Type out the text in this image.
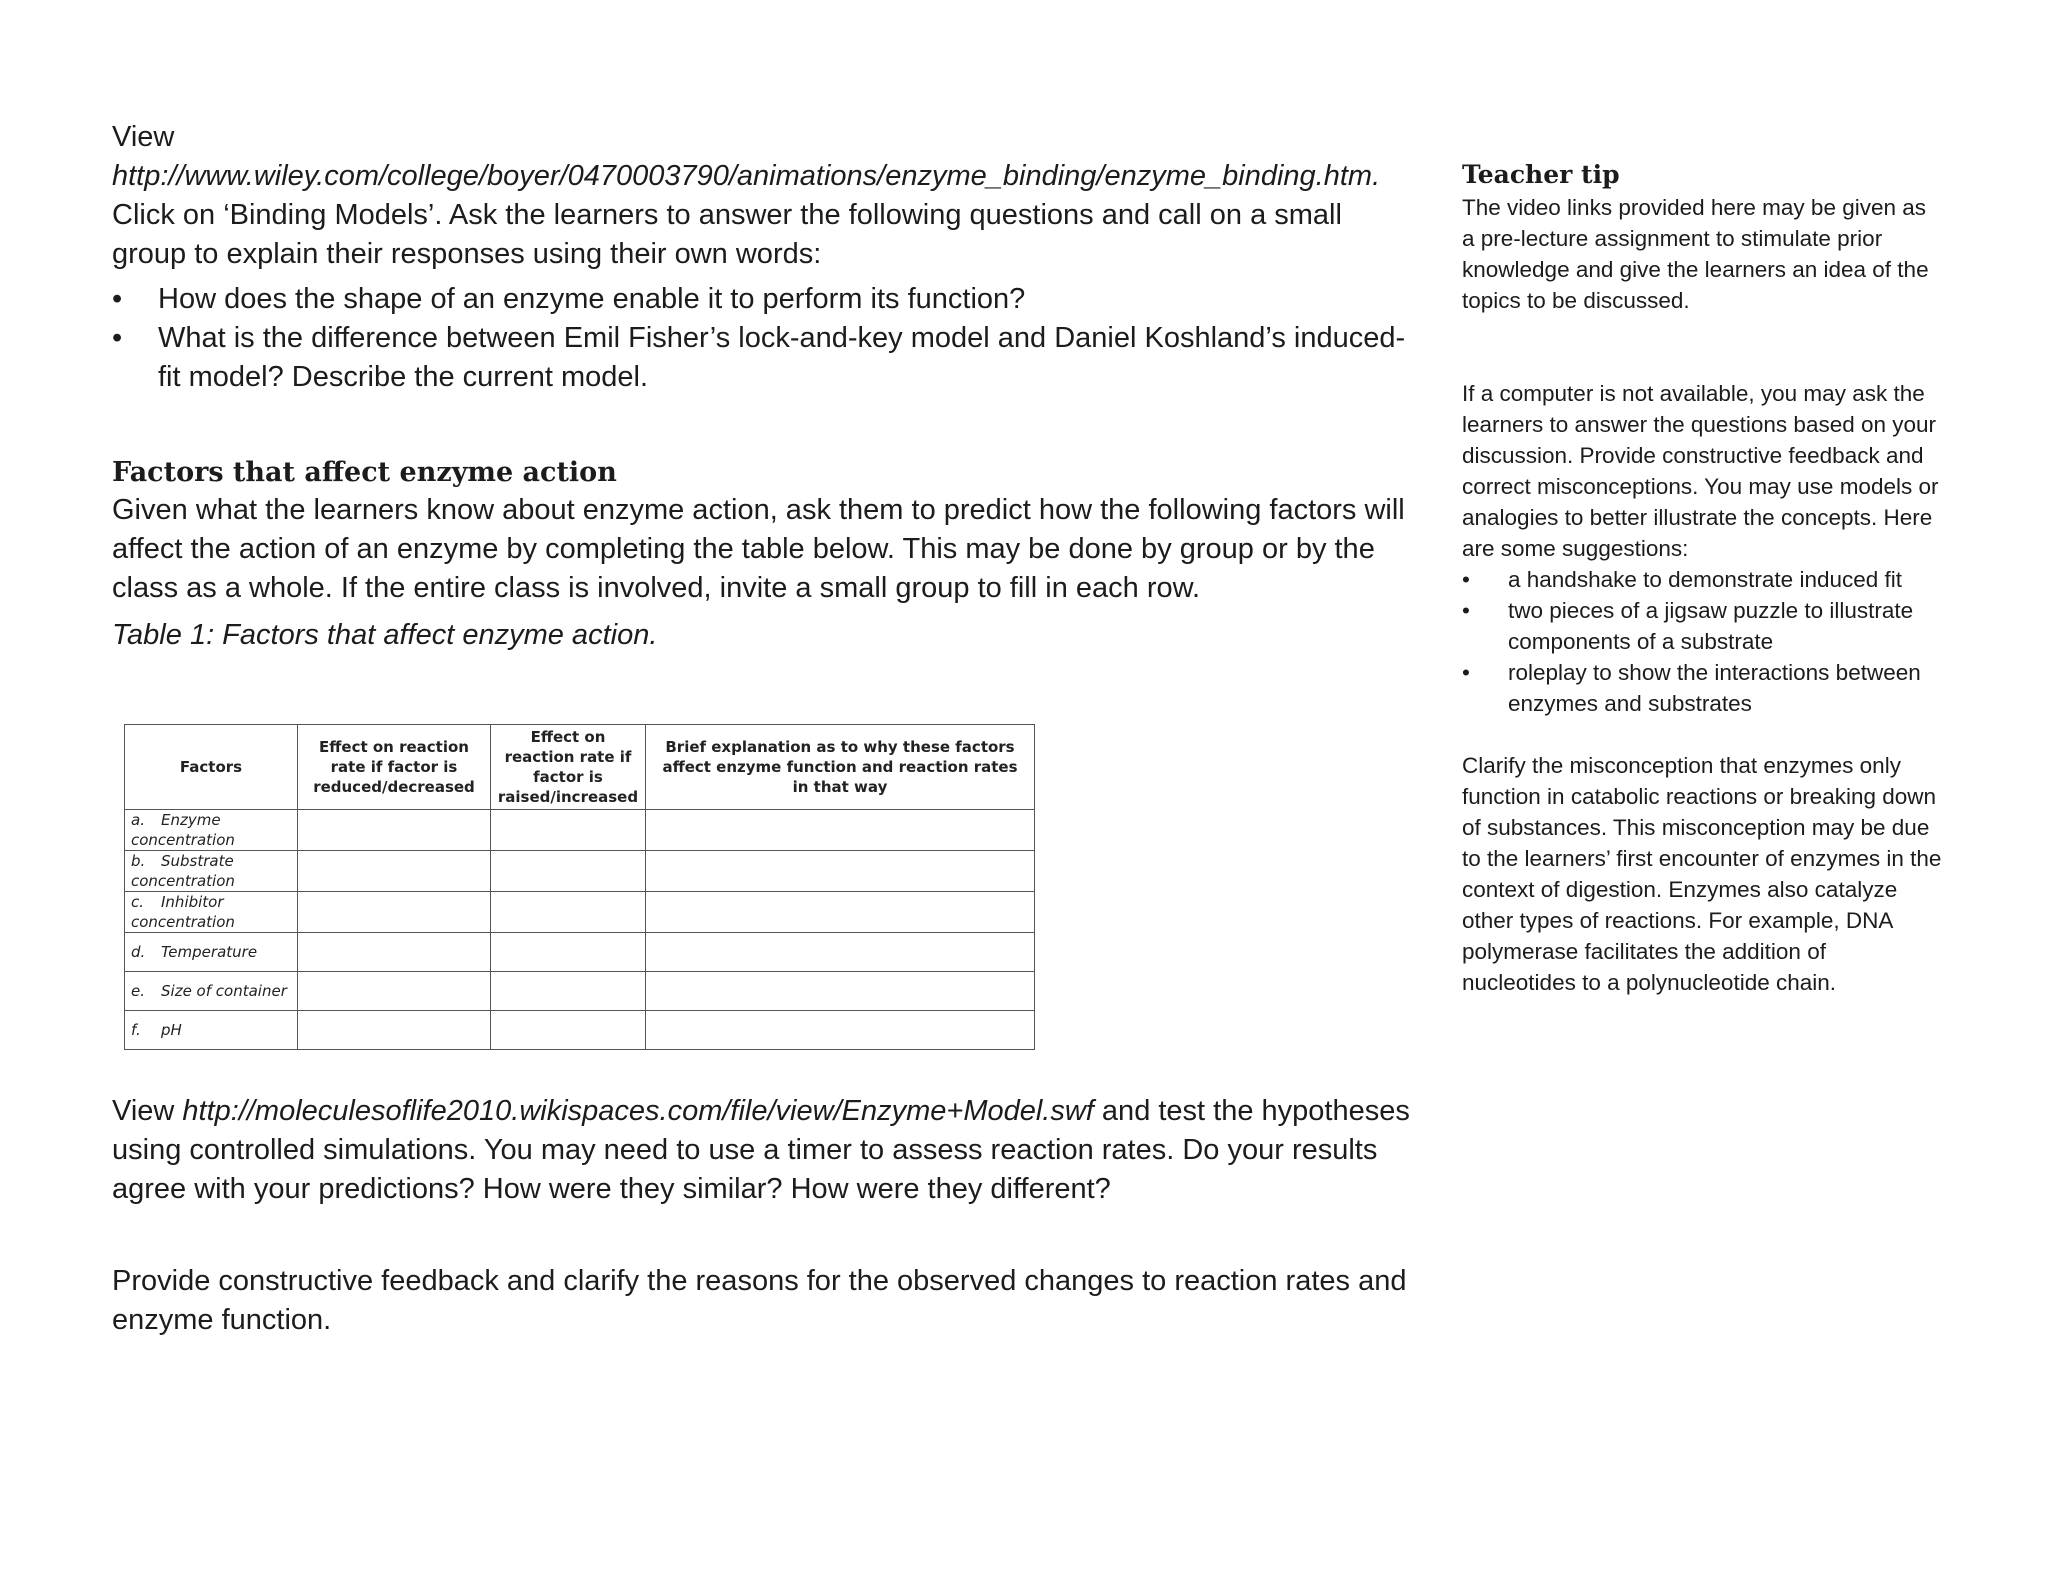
View http://www.wiley.com/college/boyer/0470003790/animations/enzyme_binding/enzyme_binding.htm. Click on ‘Binding Models’. Ask the learners to answer the following questions and call on a small group to explain their responses using their own words:

• How does the shape of an enzyme enable it to perform its function?
• What is the difference between Emil Fisher’s lock-and-key model and Daniel Koshland’s induced-fit model? Describe the current model.

Factors that affect enzyme action

Given what the learners know about enzyme action, ask them to predict how the following factors will affect the action of an enzyme by completing the table below. This may be done by group or by the class as a whole. If the entire class is involved, invite a small group to fill in each row.

Table 1: Factors that affect enzyme action.

Factors	Effect on reaction rate if factor is reduced/decreased	Effect on reaction rate if factor is raised/increased	Brief explanation as to why these factors affect enzyme function and reaction rates in that way
a. Enzyme concentration			
b. Substrate concentration			
c. Inhibitor concentration			
d. Temperature			
e. Size of container			
f. pH			

View http://moleculesoflife2010.wikispaces.com/file/view/Enzyme+Model.swf and test the hypotheses using controlled simulations. You may need to use a timer to assess reaction rates. Do your results agree with your predictions? How were they similar? How were they different?

Provide constructive feedback and clarify the reasons for the observed changes to reaction rates and enzyme function.

Teacher tip

The video links provided here may be given as a pre-lecture assignment to stimulate prior knowledge and give the learners an idea of the topics to be discussed.

If a computer is not available, you may ask the learners to answer the questions based on your discussion. Provide constructive feedback and correct misconceptions. You may use models or analogies to better illustrate the concepts. Here are some suggestions:

• a handshake to demonstrate induced fit
• two pieces of a jigsaw puzzle to illustrate components of a substrate
• roleplay to show the interactions between enzymes and substrates

Clarify the misconception that enzymes only function in catabolic reactions or breaking down of substances. This misconception may be due to the learners’ first encounter of enzymes in the context of digestion. Enzymes also catalyze other types of reactions. For example, DNA polymerase facilitates the addition of nucleotides to a polynucleotide chain.
